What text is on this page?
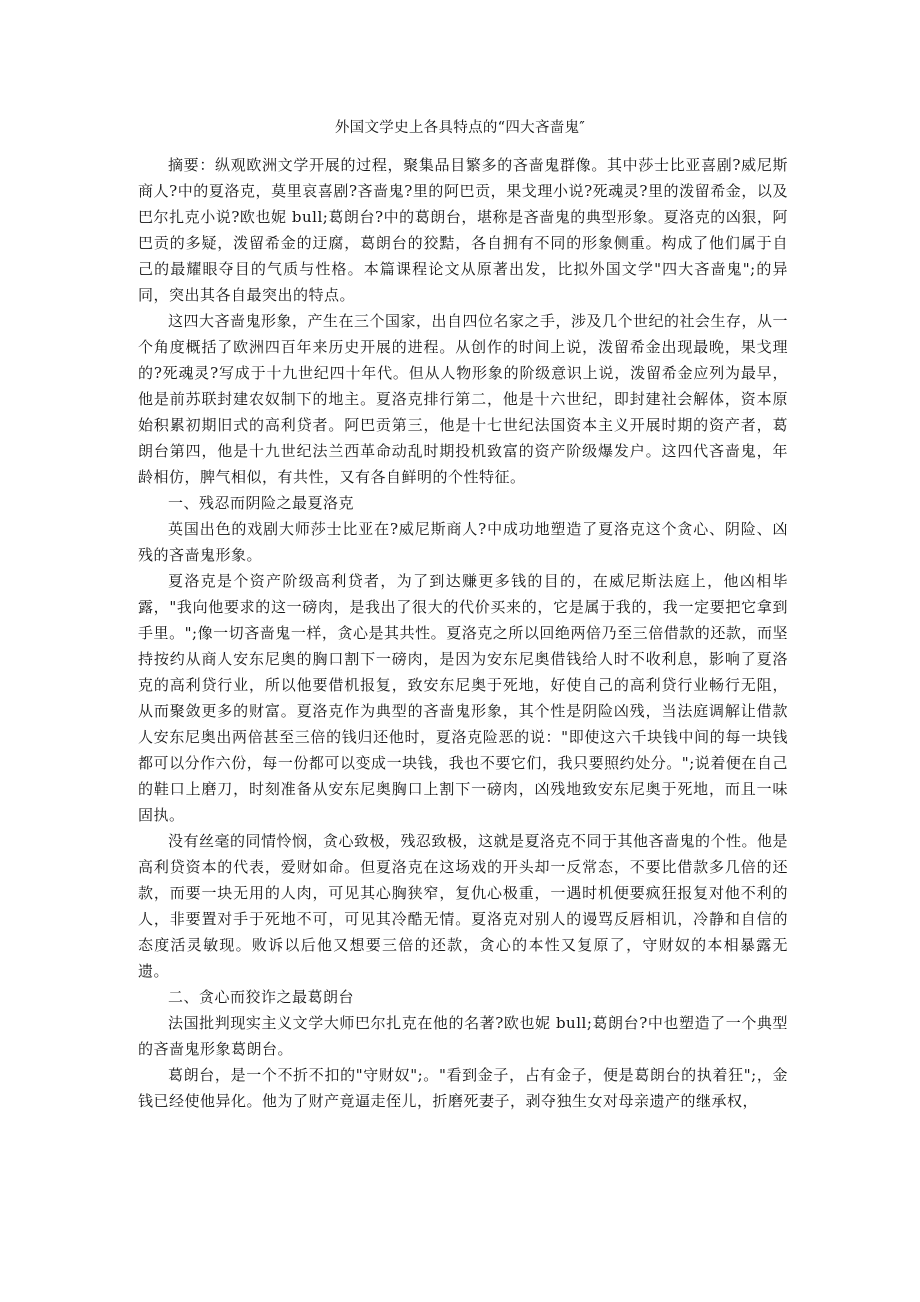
外国文学史上各具特点的“四大吝啬鬼″

摘要：纵观欧洲文学开展的过程，聚集品目繁多的吝啬鬼群像。其中莎士比亚喜剧?威尼斯商人?中的夏洛克，莫里哀喜剧?吝啬鬼?里的阿巴贡，果戈理小说?死魂灵?里的泼留希金，以及巴尔扎克小说?欧也妮 bull;葛朗台?中的葛朗台，堪称是吝啬鬼的典型形象。夏洛克的凶狠，阿巴贡的多疑，泼留希金的迂腐，葛朗台的狡黠，各自拥有不同的形象侧重。构成了他们属于自己的最耀眼夺目的气质与性格。本篇课程论文从原著出发，比拟外国文学"四大吝啬鬼";的异同，突出其各自最突出的特点。

这四大吝啬鬼形象，产生在三个国家，出自四位名家之手，涉及几个世纪的社会生存，从一个角度概括了欧洲四百年来历史开展的进程。从创作的时间上说，泼留希金出现最晚，果戈理的?死魂灵?写成于十九世纪四十年代。但从人物形象的阶级意识上说，泼留希金应列为最早，他是前苏联封建农奴制下的地主。夏洛克排行第二，他是十六世纪，即封建社会解体，资本原始积累初期旧式的高利贷者。阿巴贡第三，他是十七世纪法国资本主义开展时期的资产者，葛朗台第四，他是十九世纪法兰西革命动乱时期投机致富的资产阶级爆发户。这四代吝啬鬼，年龄相仿，脾气相似，有共性，又有各自鲜明的个性特征。

一、残忍而阴险之最夏洛克

英国出色的戏剧大师莎士比亚在?威尼斯商人?中成功地塑造了夏洛克这个贪心、阴险、凶残的吝啬鬼形象。

夏洛克是个资产阶级高利贷者，为了到达赚更多钱的目的，在威尼斯法庭上，他凶相毕露，"我向他要求的这一磅肉，是我出了很大的代价买来的，它是属于我的，我一定要把它拿到手里。";像一切吝啬鬼一样，贪心是其共性。夏洛克之所以回绝两倍乃至三倍借款的还款，而坚持按约从商人安东尼奥的胸口割下一磅肉，是因为安东尼奥借钱给人时不收利息，影响了夏洛克的高利贷行业，所以他要借机报复，致安东尼奥于死地，好使自己的高利贷行业畅行无阻，从而聚敛更多的财富。夏洛克作为典型的吝啬鬼形象，其个性是阴险凶残，当法庭调解让借款人安东尼奥出两倍甚至三倍的钱归还他时，夏洛克险恶的说："即使这六千块钱中间的每一块钱都可以分作六份，每一份都可以变成一块钱，我也不要它们，我只要照约处分。";说着便在自己的鞋口上磨刀，时刻准备从安东尼奥胸口上割下一磅肉，凶残地致安东尼奥于死地，而且一味固执。

没有丝毫的同情怜悯，贪心致极，残忍致极，这就是夏洛克不同于其他吝啬鬼的个性。他是高利贷资本的代表，爱财如命。但夏洛克在这场戏的开头却一反常态，不要比借款多几倍的还款，而要一块无用的人肉，可见其心胸狭窄，复仇心极重，一遇时机便要疯狂报复对他不利的人，非要置对手于死地不可，可见其冷酷无情。夏洛克对别人的谩骂反唇相讥，冷静和自信的态度活灵敏现。败诉以后他又想要三倍的还款，贪心的本性又复原了，守财奴的本相暴露无遗。

二、贪心而狡诈之最葛朗台

法国批判现实主义文学大师巴尔扎克在他的名著?欧也妮 bull;葛朗台?中也塑造了一个典型的吝啬鬼形象葛朗台。

葛朗台，是一个不折不扣的"守财奴";。"看到金子，占有金子，便是葛朗台的执着狂";，金钱已经使他异化。他为了财产竟逼走侄儿，折磨死妻子，剥夺独生女对母亲遗产的继承权，
